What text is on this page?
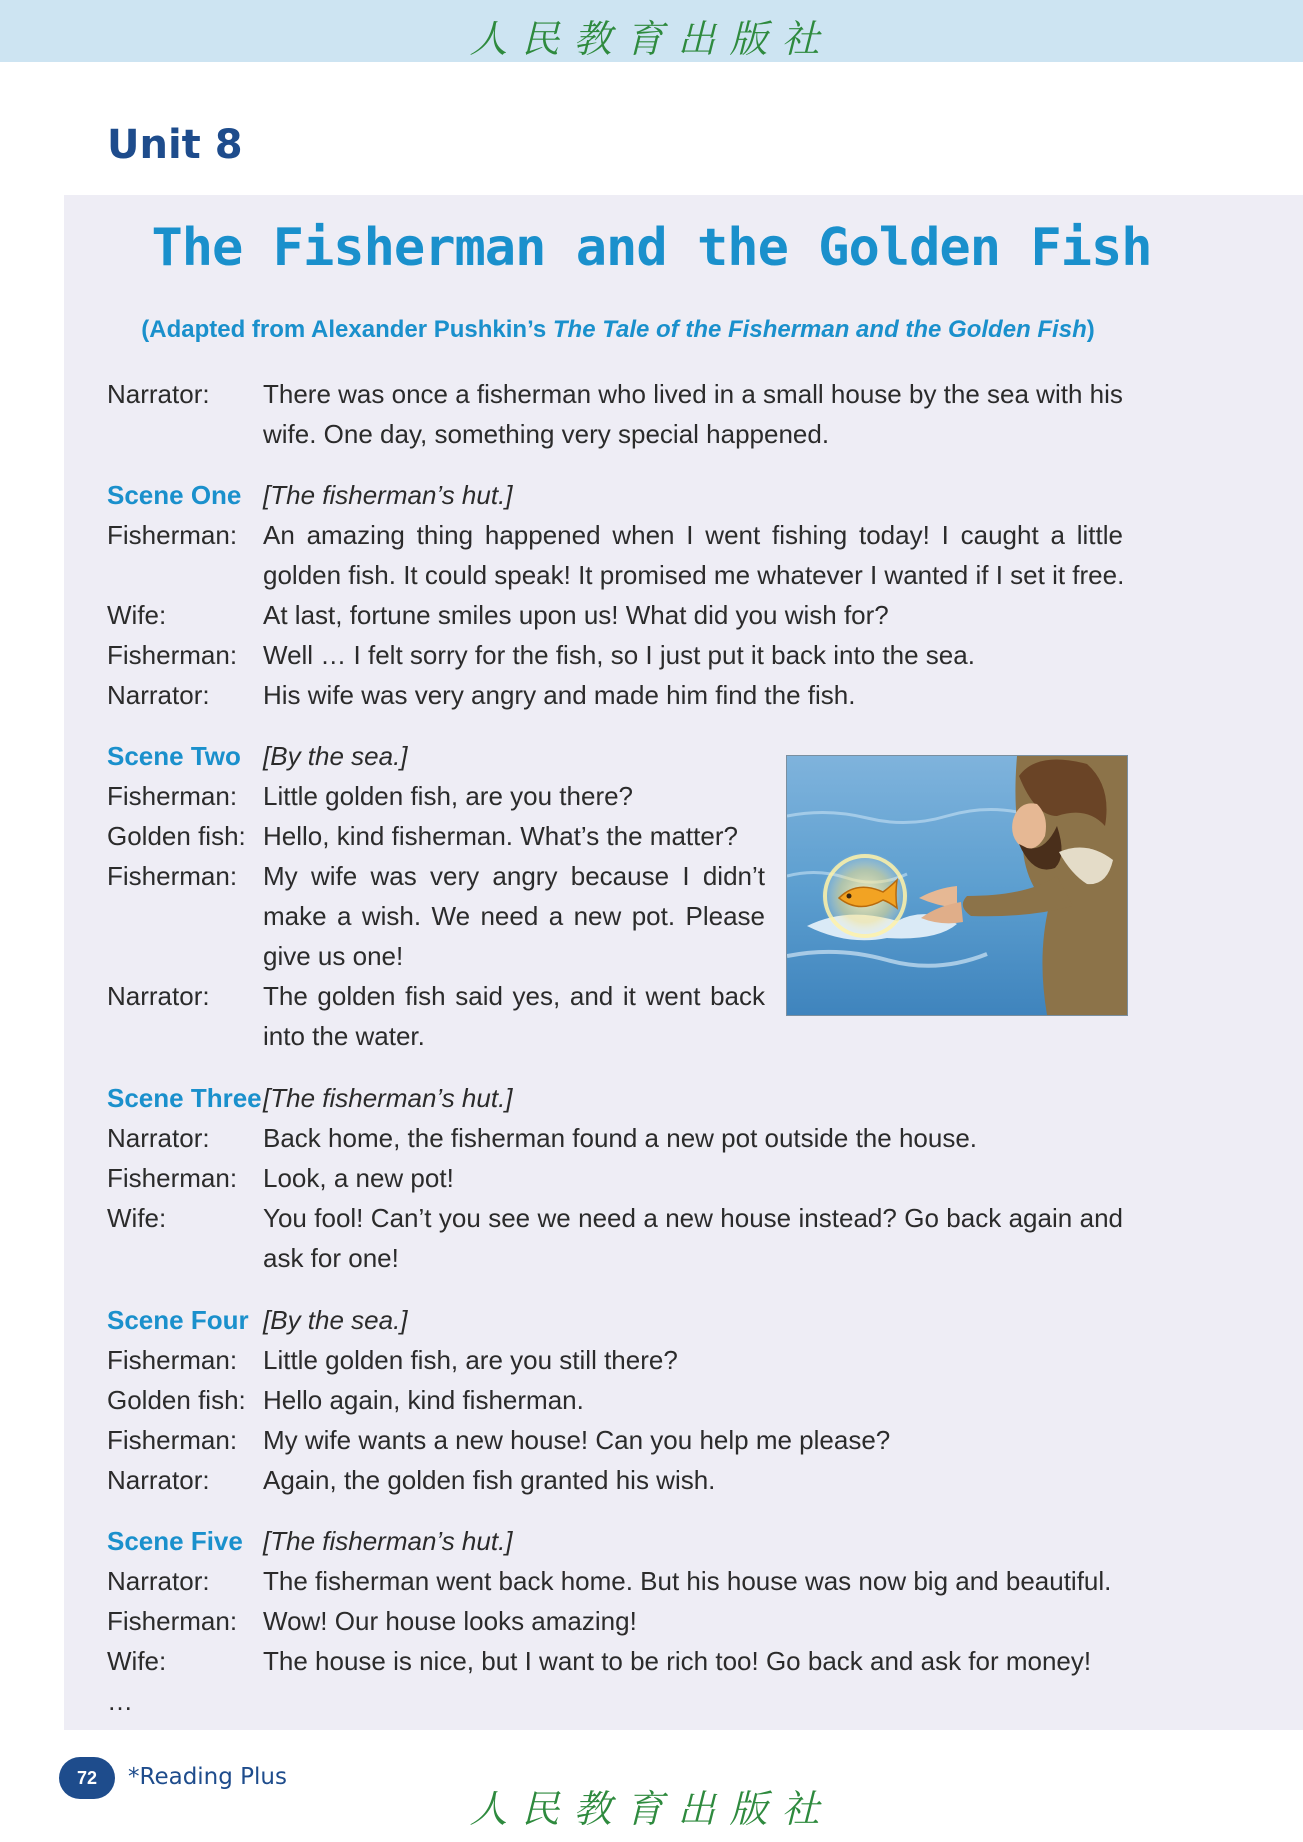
人民教育出版社
Unit 8
The Fisherman and the Golden Fish
(Adapted from Alexander Pushkin’s The Tale of the Fisherman and the Golden Fish)
Narrator: There was once a fisherman who lived in a small house by the sea with his
wife. One day, something very special happened.
Scene One [The fisherman’s hut.]
Fisherman: An amazing thing happened when I went fishing today! I caught a little
golden fish. It could speak! It promised me whatever I wanted if I set it free.
Wife:	At last, fortune smiles upon us! What did you wish for?
Fisherman: Well … I felt sorry for the fish, so I just put it back into the sea.
Narrator: His wife was very angry and made him find the fish.
Scene Two [By the sea.]
Fisherman: Little golden fish, are you there?
Golden fish: Hello, kind fisherman. What’s the matter?
Fisherman: My wife was very angry because I didn’t
make a wish. We need a new pot. Please
give us one!
Narrator: The golden fish said yes, and it went back
into the water.
Scene Three[The fisherman’s hut.]
Narrator: Back home, the fisherman found a new pot outside the house.
Fisherman: Look, a new pot!
Wife:	You fool! Can’t you see we need a new house instead? Go back again and
ask for one!
Scene Four [By the sea.]
Fisherman: Little golden fish, are you still there?
Golden fish: Hello again, kind fisherman.
Fisherman: My wife wants a new house! Can you help me please?
Narrator: Again, the golden fish granted his wish.
Scene Five [The fisherman’s hut.]
Narrator: The fisherman went back home. But his house was now big and beautiful.
Fisherman: Wow! Our house looks amazing!
Wife:	The house is nice, but I want to be rich too! Go back and ask for money!
…
72	*Reading Plus
人民教育出版社
